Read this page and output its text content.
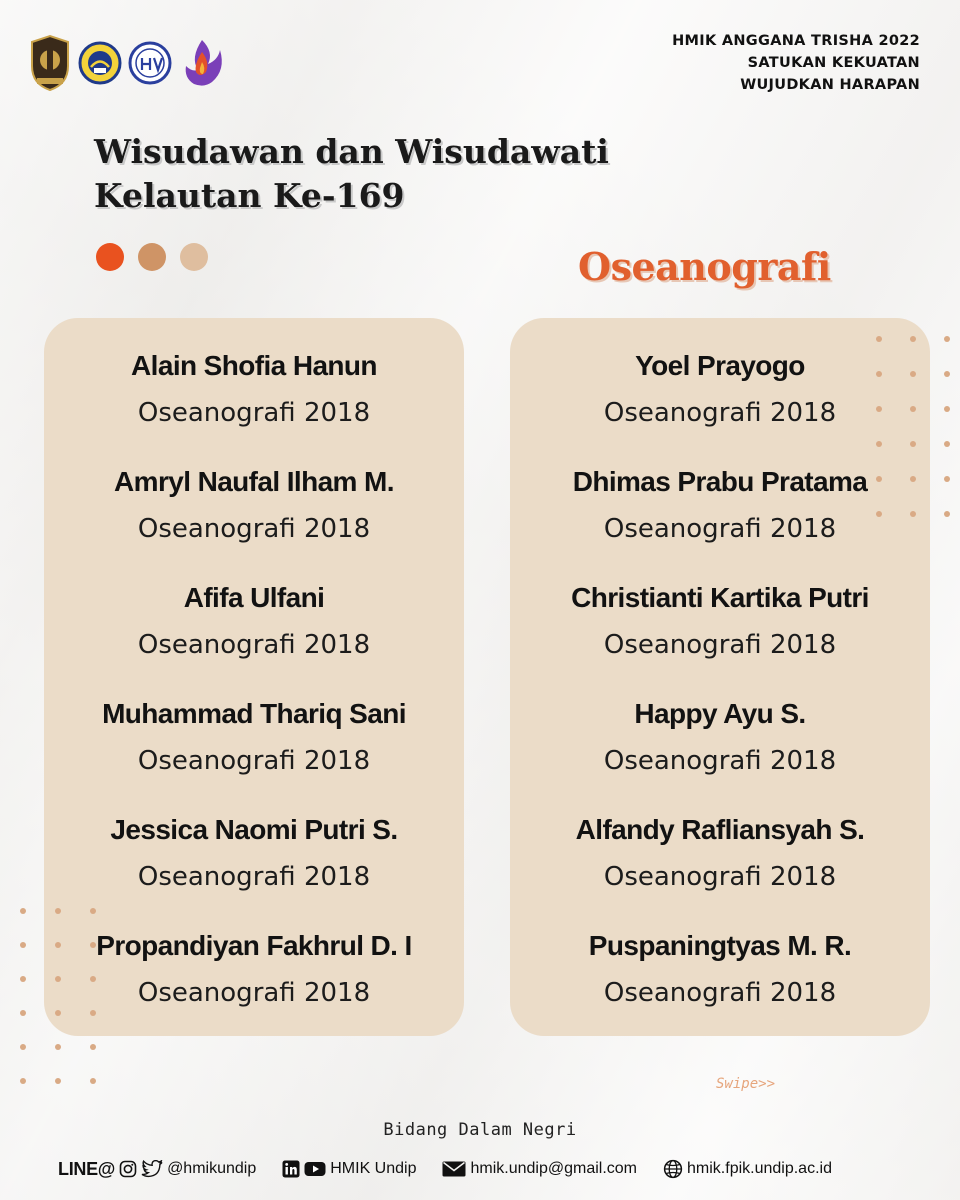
HMIK ANGGANA TRISHA 2022
SATUKAN KEKUATAN
WUJUDKAN HARAPAN
Wisudawan dan Wisudawati
Kelautan Ke-169
Oseanografi
Alain Shofia Hanun
Oseanografi 2018
Amryl Naufal Ilham M.
Oseanografi 2018
Afifa Ulfani
Oseanografi 2018
Muhammad Thariq Sani
Oseanografi 2018
Jessica Naomi Putri S.
Oseanografi 2018
Propandiyan Fakhrul D. I
Oseanografi 2018
Yoel Prayogo
Oseanografi 2018
Dhimas Prabu Pratama
Oseanografi 2018
Christianti Kartika Putri
Oseanografi 2018
Happy Ayu S.
Oseanografi 2018
Alfandy Rafliansyah S.
Oseanografi 2018
Puspaningtyas M. R.
Oseanografi 2018
Swipe>>
Bidang Dalam Negri
LINE@	@hmikundip	HMIK Undip	hmik.undip@gmail.com	hmik.fpik.undip.ac.id
